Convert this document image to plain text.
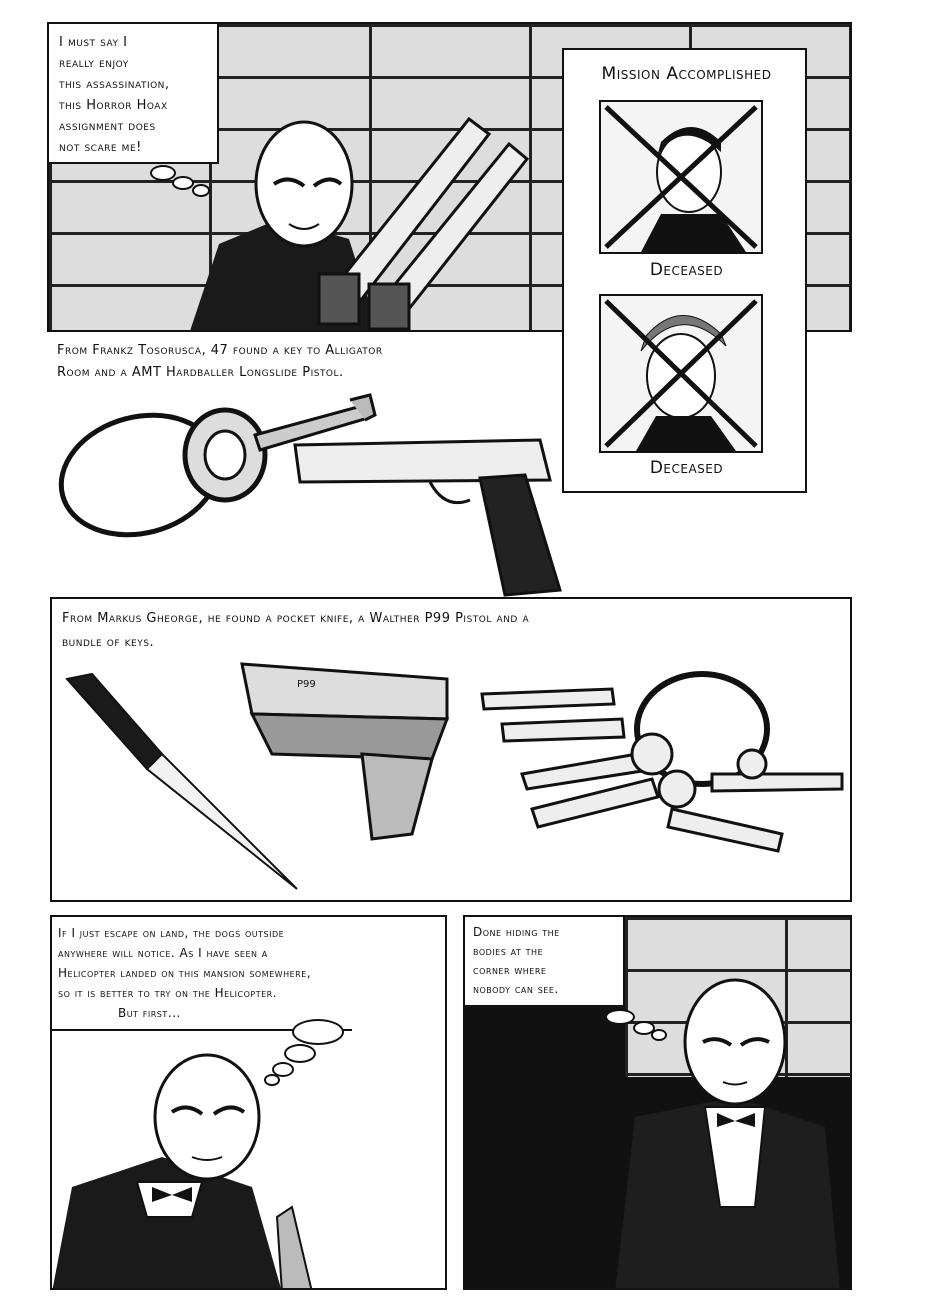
I must say I
really enjoy
this assassination,
this Horror Hoax
assignment does
not scare me!
Mission Accomplished
Deceased
Deceased
From Frankz Tosorusca, 47 found a key to Alligator
Room and a AMT Hardballer Longslide Pistol.
From Markus Gheorge, he found a pocket knife, a Walther P99 Pistol and a
bundle of keys.
P99
If I just escape on land, the dogs outside
anywhere will notice. As I have seen a
Helicopter landed on this mansion somewhere,
so it is better to try on the Helicopter.
But first...
Done hiding the
bodies at the
corner where
nobody can see.
